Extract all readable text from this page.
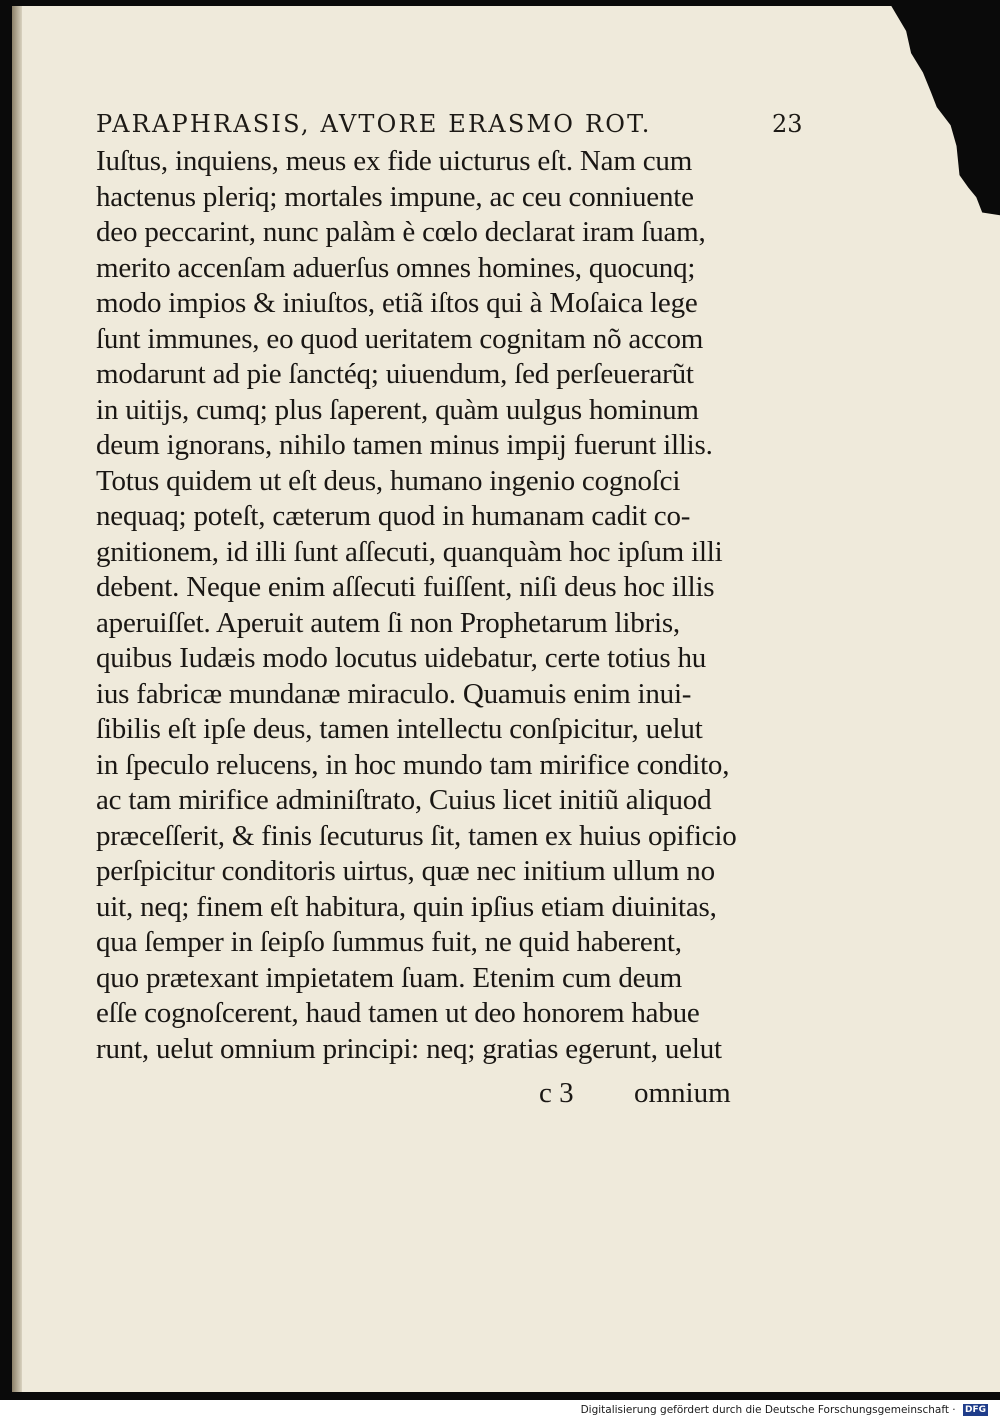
PARAPHRASIS, AVTORE ERASMO ROT.	23
Iuſtus, inquiens, meus ex fide uicturus eſt. Nam cum
hactenus pleriq; mortales impune, ac ceu conniuente
deo peccarint, nunc palàm è cœlo declarat iram ſuam,
merito accenſam aduerſus omnes homines, quocunq;
modo impios & iniuſtos, etiã iſtos qui à Moſaica lege
ſunt immunes, eo quod ueritatem cognitam nõ accom
modarunt ad pie ſanctéq; uiuendum, ſed perſeuerarũt
in uitijs, cumq; plus ſaperent, quàm uulgus hominum
deum ignorans, nihilo tamen minus impij fuerunt illis.
Totus quidem ut eſt deus, humano ingenio cognoſci
nequaq; poteſt, cæterum quod in humanam cadit co-
gnitionem, id illi ſunt aſſecuti, quanquàm hoc ipſum illi
debent. Neque enim aſſecuti fuiſſent, niſi deus hoc illis
aperuiſſet. Aperuit autem ſi non Prophetarum libris,
quibus Iudæis modo locutus uidebatur, certe totius hu
ius fabricæ mundanæ miraculo. Quamuis enim inui-
ſibilis eſt ipſe deus, tamen intellectu conſpicitur, uelut
in ſpeculo relucens, in hoc mundo tam mirifice condito,
ac tam mirifice adminiſtrato, Cuius licet initiũ aliquod
præceſſerit, & finis ſecuturus ſit, tamen ex huius opificio
perſpicitur conditoris uirtus, quæ nec initium ullum no
uit, neq; finem eſt habitura, quin ipſius etiam diuinitas,
qua ſemper in ſeipſo ſummus fuit, ne quid haberent,
quo prætexant impietatem ſuam. Etenim cum deum
eſſe cognoſcerent, haud tamen ut deo honorem habue
runt, uelut omnium principi: neq; gratias egerunt, uelut
c 3 omnium
Digitalisierung gefördert durch die Deutsche Forschungsgemeinschaft · DFG
